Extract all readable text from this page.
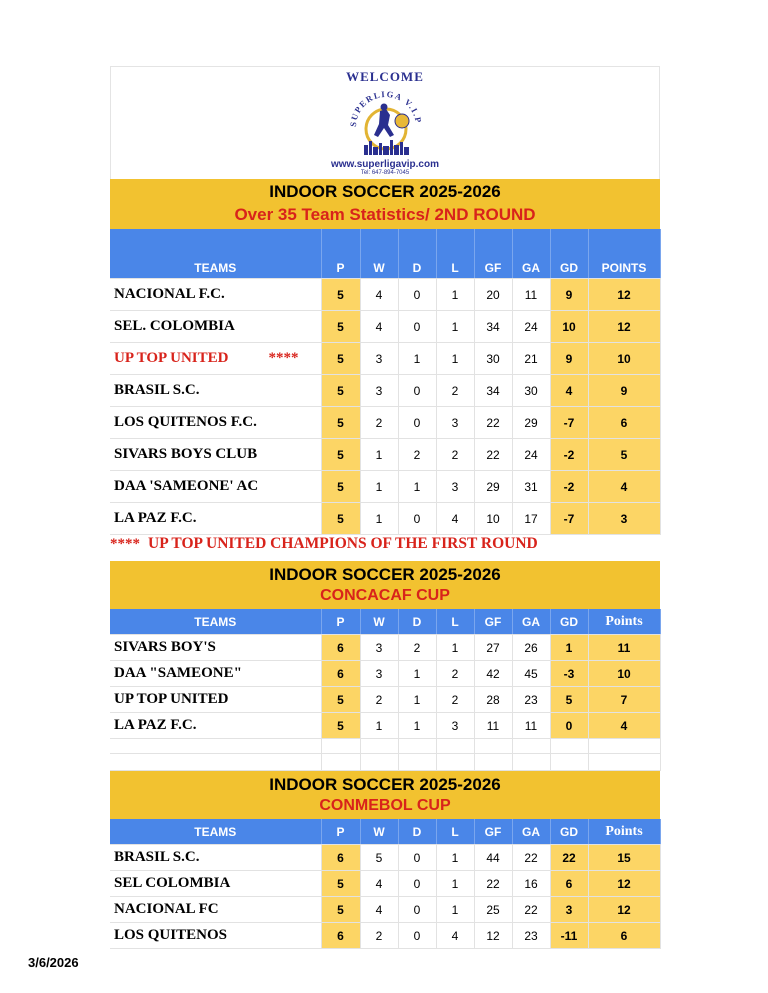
WELCOME
SUPERLIGA V.I.P
www.superligavip.com
Tel: 647-894-7045
INDOOR SOCCER 2025-2026
Over 35 Team Statistics/ 2ND ROUND
TEAMS	P	W	D	L	GF	GA	GD	POINTS
NACIONAL F.C.	5	4	0	1	20	11	9	12
SEL. COLOMBIA	5	4	0	1	34	24	10	12
UP TOP UNITED ****	5	3	1	1	30	21	9	10
BRASIL S.C.	5	3	0	2	34	30	4	9
LOS QUITENOS F.C.	5	2	0	3	22	29	-7	6
SIVARS BOYS CLUB	5	1	2	2	22	24	-2	5
DAA 'SAMEONE' AC	5	1	1	3	29	31	-2	4
LA PAZ F.C.	5	1	0	4	10	17	-7	3
**** UP TOP UNITED CHAMPIONS OF THE FIRST ROUND
INDOOR SOCCER 2025-2026
CONCACAF CUP
TEAMS	P	W	D	L	GF	GA	GD	Points
SIVARS BOY'S	6	3	2	1	27	26	1	11
DAA "SAMEONE"	6	3	1	2	42	45	-3	10
UP TOP UNITED	5	2	1	2	28	23	5	7
LA PAZ F.C.	5	1	1	3	11	11	0	4

INDOOR SOCCER 2025-2026
CONMEBOL CUP
TEAMS	P	W	D	L	GF	GA	GD	Points
BRASIL S.C.	6	5	0	1	44	22	22	15
SEL COLOMBIA	5	4	0	1	22	16	6	12
NACIONAL FC	5	4	0	1	25	22	3	12
LOS QUITENOS	6	2	0	4	12	23	-11	6
3/6/2026
